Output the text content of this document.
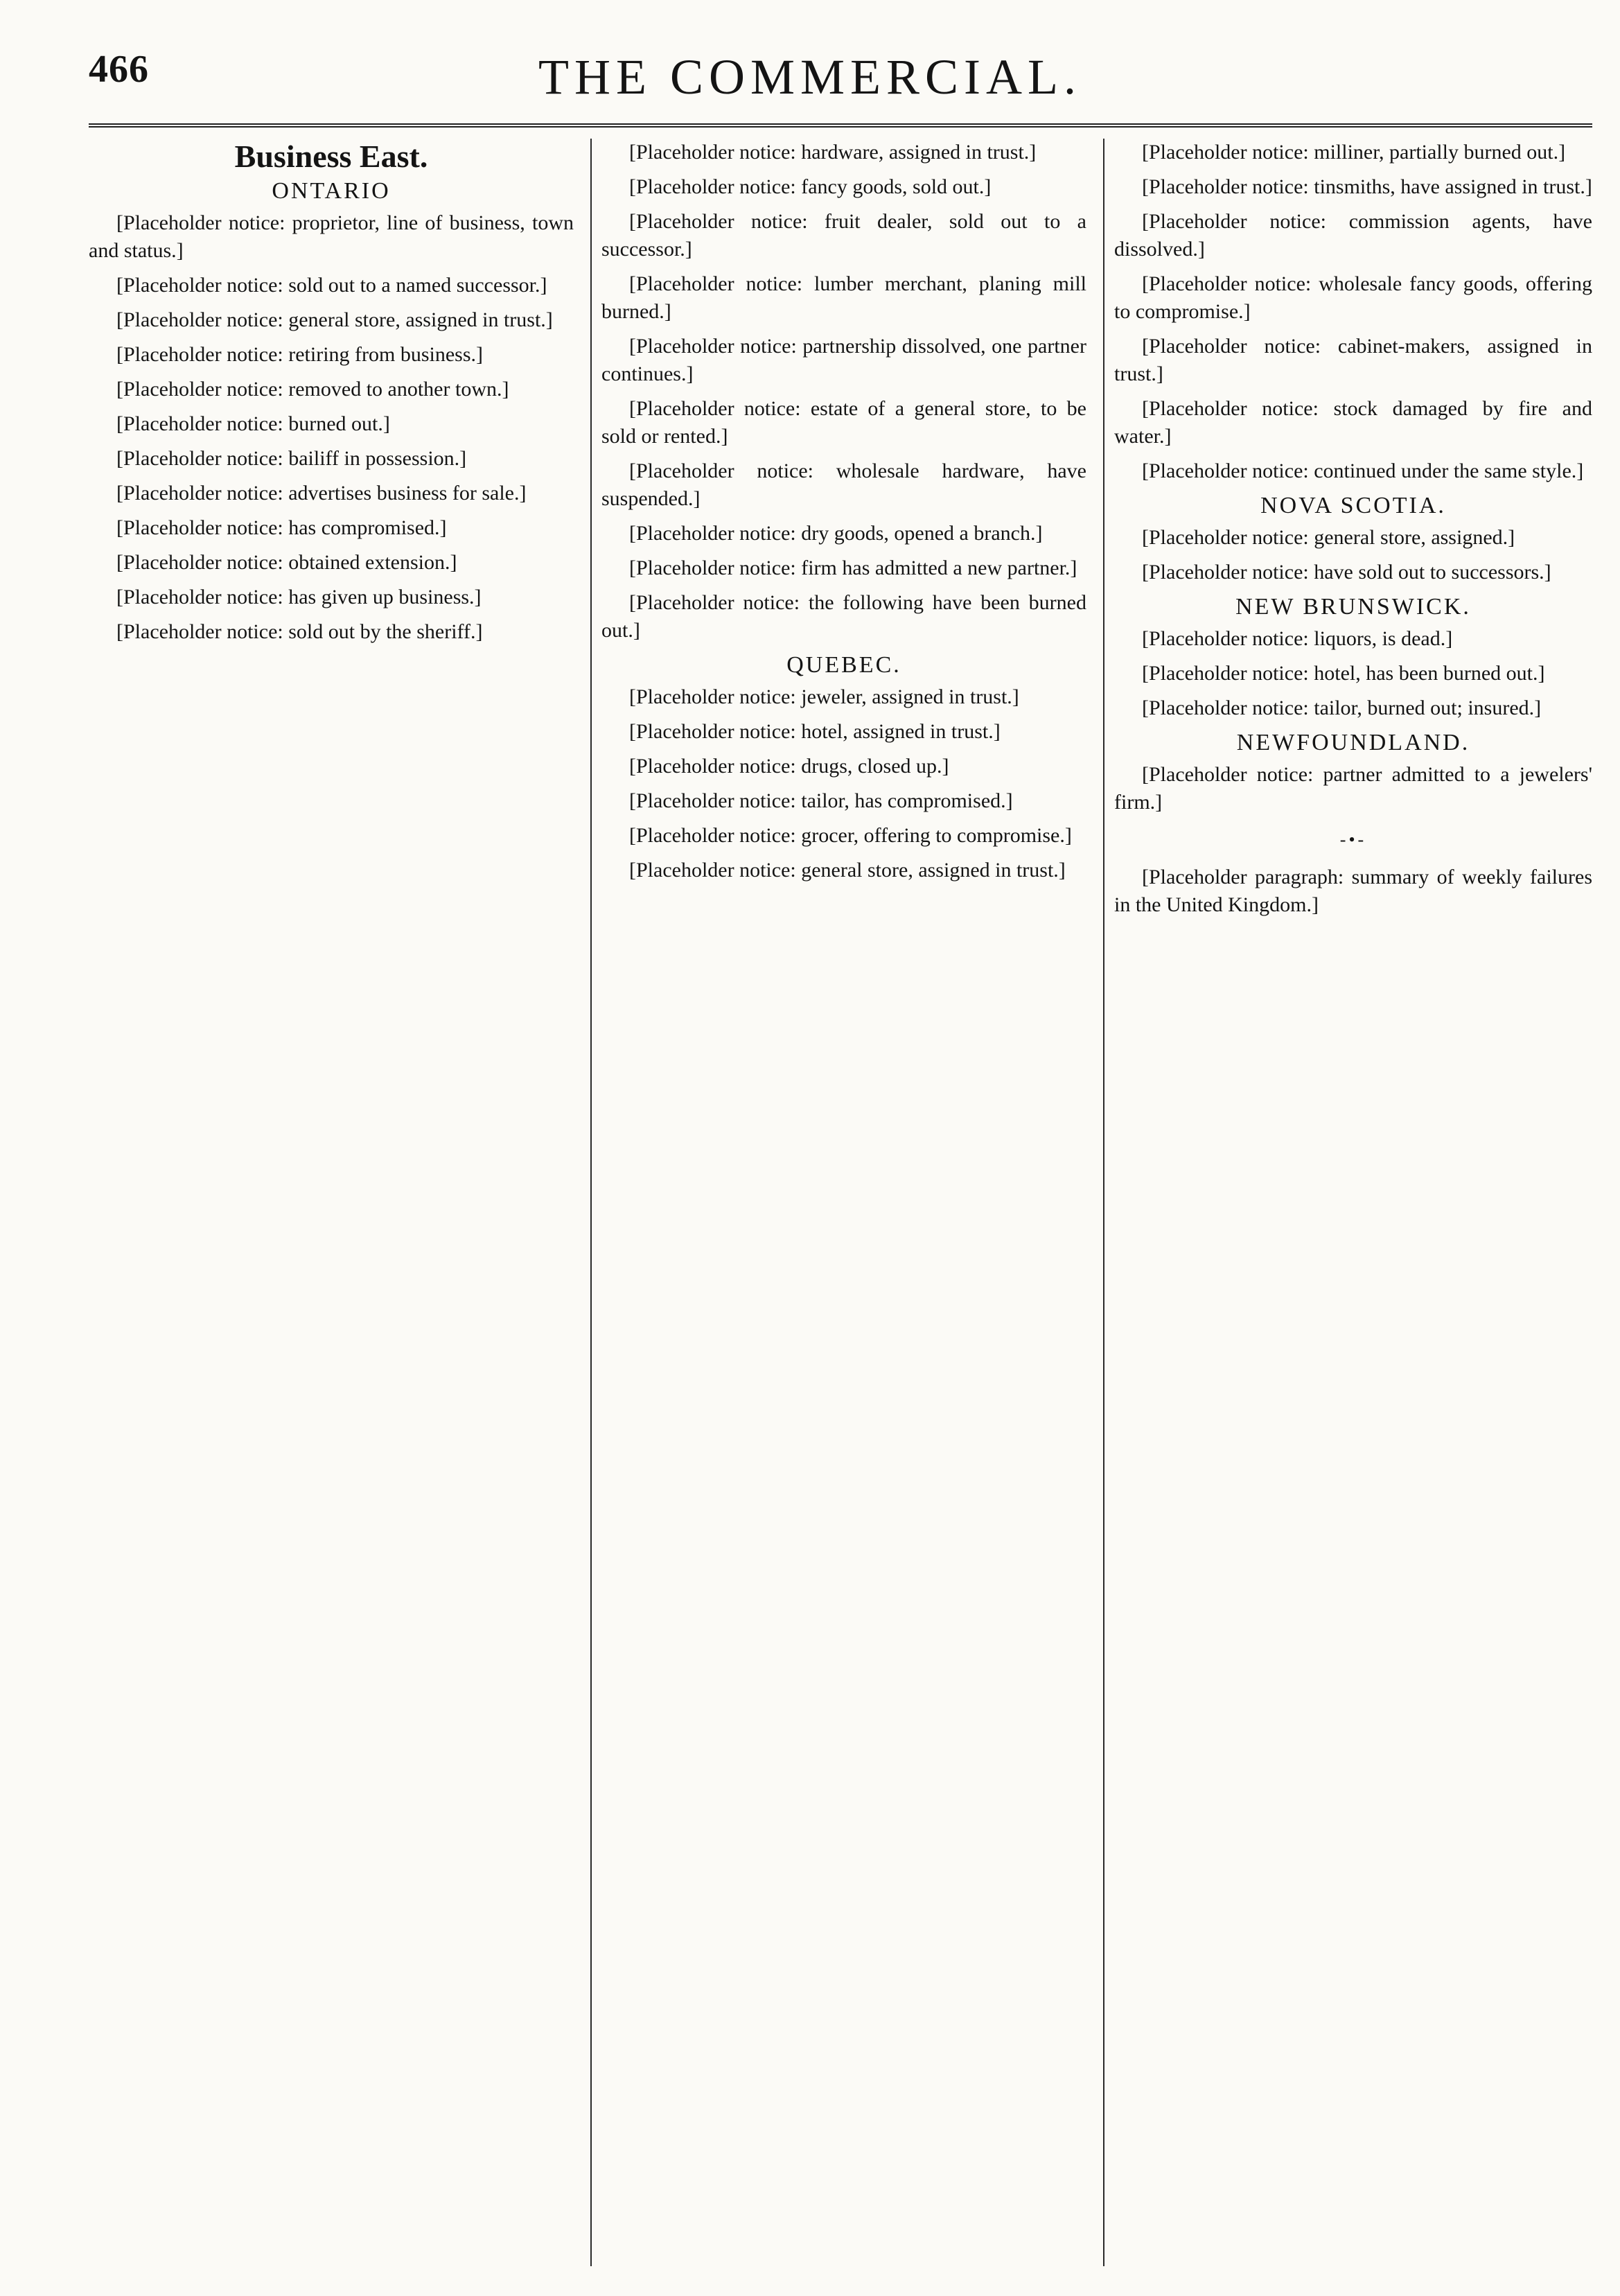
466	THE COMMERCIAL.
Business East.
ONTARIO

[Placeholder notice: proprietor, line of business, town and status.]

[Placeholder notice: sold out to a named successor.]

[Placeholder notice: general store, assigned in trust.]

[Placeholder notice: retiring from business.]

[Placeholder notice: removed to another town.]

[Placeholder notice: burned out.]

[Placeholder notice: bailiff in possession.]

[Placeholder notice: advertises business for sale.]

[Placeholder notice: has compromised.]

[Placeholder notice: obtained extension.]

[Placeholder notice: has given up business.]

[Placeholder notice: sold out by the sheriff.]

[Placeholder notice: hardware, assigned in trust.]

[Placeholder notice: fancy goods, sold out.]

[Placeholder notice: fruit dealer, sold out to a successor.]

[Placeholder notice: lumber merchant, planing mill burned.]

[Placeholder notice: partnership dissolved, one partner continues.]

[Placeholder notice: estate of a general store, to be sold or rented.]

[Placeholder notice: wholesale hardware, have suspended.]

[Placeholder notice: dry goods, opened a branch.]

[Placeholder notice: firm has admitted a new partner.]

[Placeholder notice: the following have been burned out.]

QUEBEC.

[Placeholder notice: jeweler, assigned in trust.]

[Placeholder notice: hotel, assigned in trust.]

[Placeholder notice: drugs, closed up.]

[Placeholder notice: tailor, has compromised.]

[Placeholder notice: grocer, offering to compromise.]

[Placeholder notice: general store, assigned in trust.]

[Placeholder notice: milliner, partially burned out.]

[Placeholder notice: tinsmiths, have assigned in trust.]

[Placeholder notice: commission agents, have dissolved.]

[Placeholder notice: wholesale fancy goods, offering to compromise.]

[Placeholder notice: cabinet-makers, assigned in trust.]

[Placeholder notice: stock damaged by fire and water.]

[Placeholder notice: continued under the same style.]

NOVA SCOTIA.

[Placeholder notice: general store, assigned.]

[Placeholder notice: have sold out to successors.]

NEW BRUNSWICK.

[Placeholder notice: liquors, is dead.]

[Placeholder notice: hotel, has been burned out.]

[Placeholder notice: tailor, burned out; insured.]

NEWFOUNDLAND.

[Placeholder notice: partner admitted to a jewelers' firm.]

-•-

[Placeholder paragraph: summary of weekly failures in the United Kingdom.]
